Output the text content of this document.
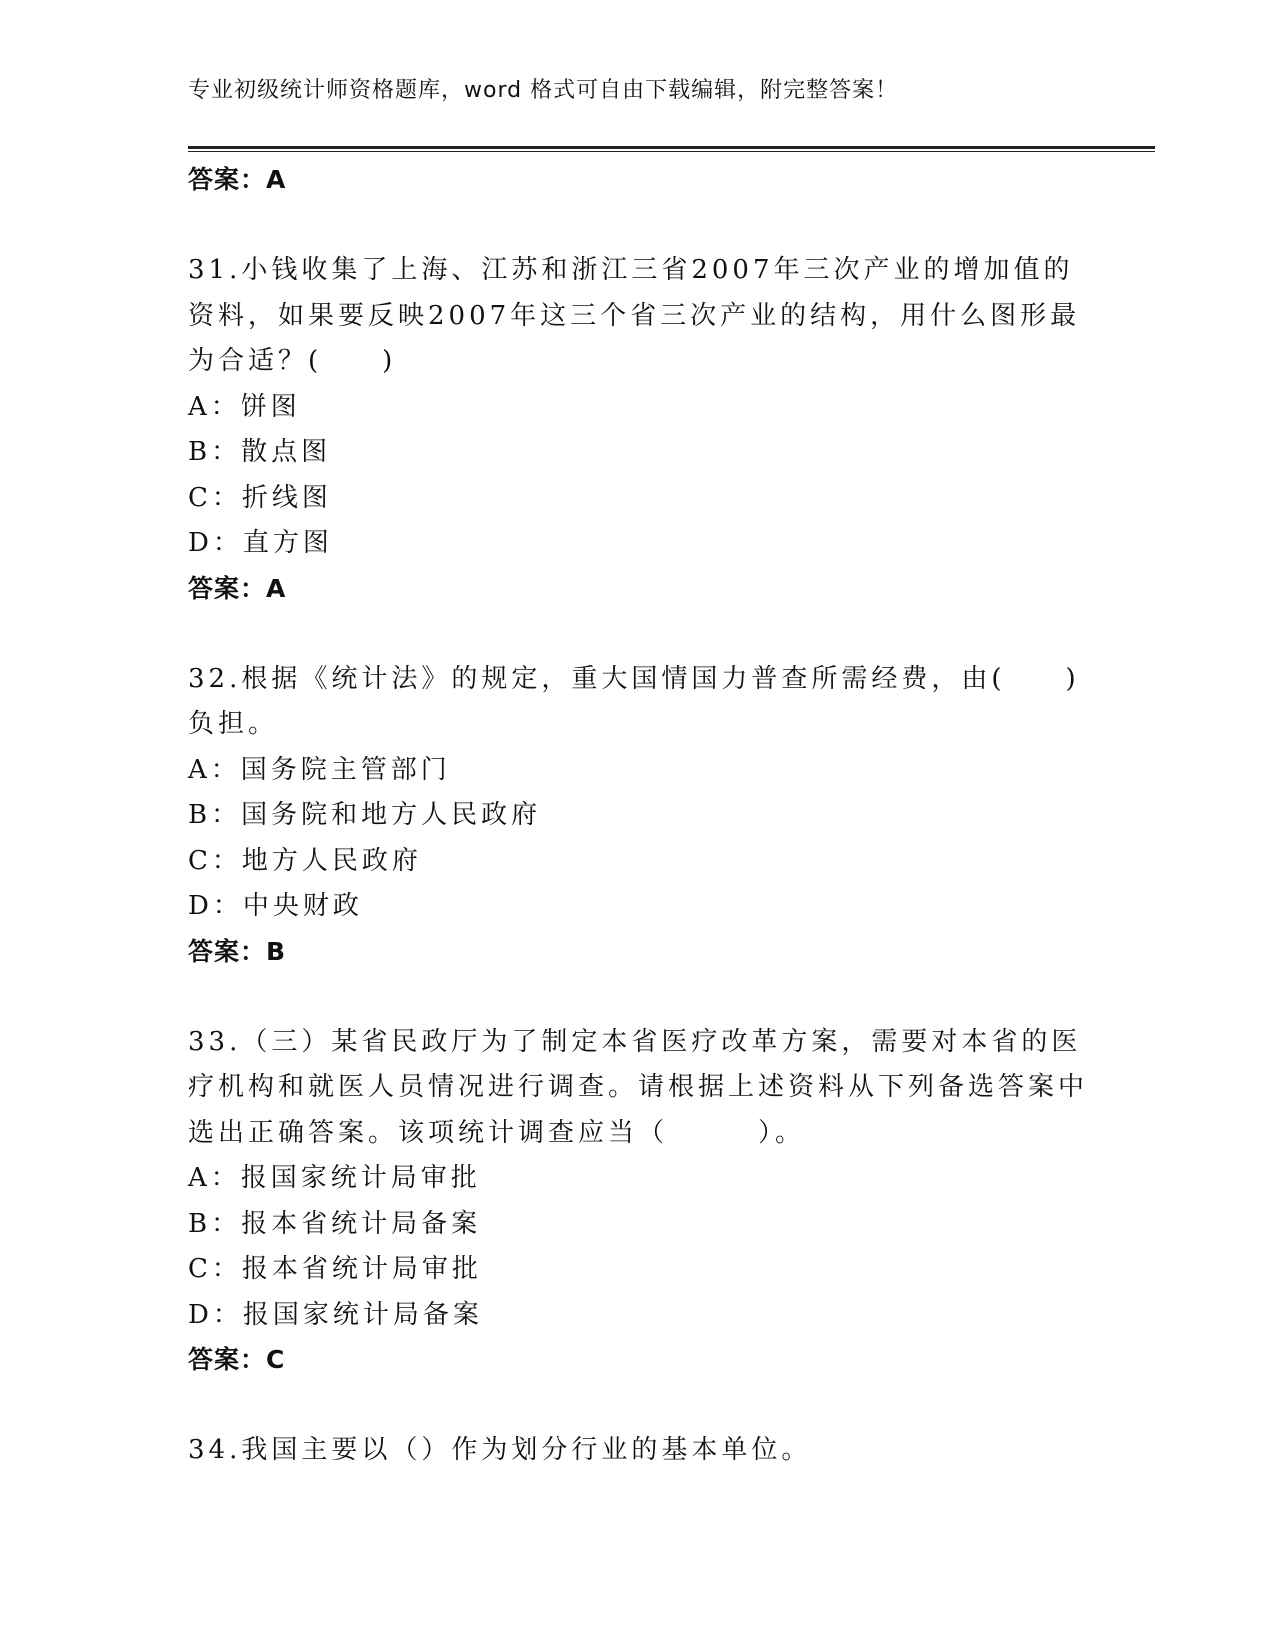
专业初级统计师资格题库，word 格式可自由下载编辑，附完整答案！
答案：A
31.小钱收集了上海、江苏和浙江三省2007年三次产业的增加值的资料，如果要反映2007年这三个省三次产业的结构，用什么图形最为合适？(　　)
A：饼图
B：散点图
C：折线图
D：直方图
答案：A
32.根据《统计法》的规定，重大国情国力普查所需经费，由(　　)负担。
A：国务院主管部门
B：国务院和地方人民政府
C：地方人民政府
D：中央财政
答案：B
33.（三）某省民政厅为了制定本省医疗改革方案，需要对本省的医疗机构和就医人员情况进行调查。请根据上述资料从下列备选答案中选出正确答案。该项统计调查应当（　　　）。
A：报国家统计局审批
B：报本省统计局备案
C：报本省统计局审批
D：报国家统计局备案
答案：C
34.我国主要以（）作为划分行业的基本单位。
